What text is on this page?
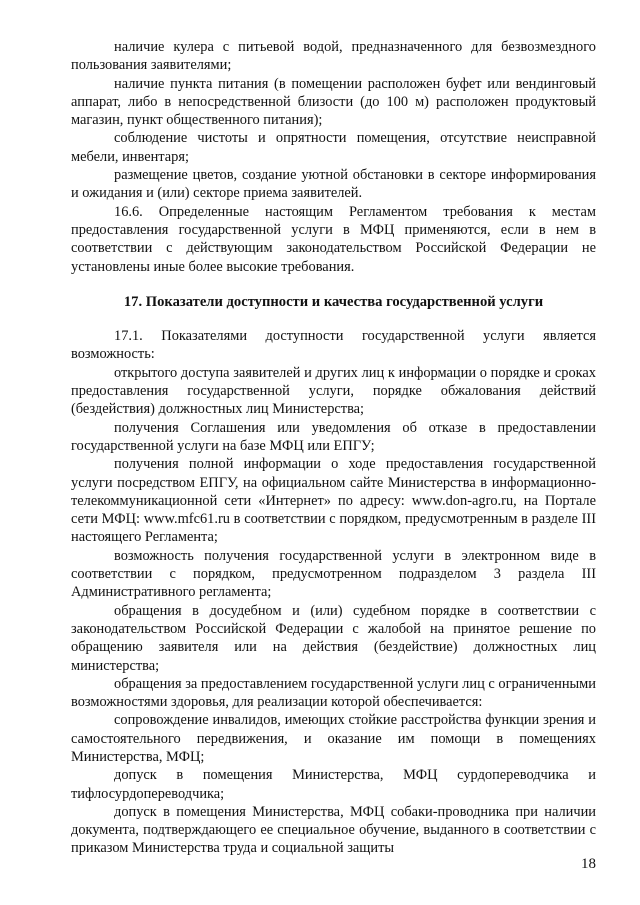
наличие кулера с питьевой водой, предназначенного для безвозмездного пользования заявителями;

наличие пункта питания (в помещении расположен буфет или вендинговый аппарат, либо в непосредственной близости (до 100 м) расположен продуктовый магазин, пункт общественного питания);

соблюдение чистоты и опрятности помещения, отсутствие неисправной мебели, инвентаря;

размещение цветов, создание уютной обстановки в секторе информирования и ожидания и (или) секторе приема заявителей.

16.6. Определенные настоящим Регламентом требования к местам предоставления государственной услуги в МФЦ применяются, если в нем в соответствии с действующим законодательством Российской Федерации не установлены иные более высокие требования.

17. Показатели доступности и качества государственной услуги

17.1. Показателями доступности государственной услуги является возможность:

открытого доступа заявителей и других лиц к информации о порядке и сроках предоставления государственной услуги, порядке обжалования действий (бездействия) должностных лиц Министерства;

получения Соглашения или уведомления об отказе в предоставлении государственной услуги на базе МФЦ или ЕПГУ;

получения полной информации о ходе предоставления государственной услуги посредством ЕПГУ, на официальном сайте Министерства в информационно-телекоммуникационной сети «Интернет» по адресу: www.don-agro.ru, на Портале сети МФЦ: www.mfc61.ru в соответствии с порядком, предусмотренным в разделе III настоящего Регламента;

возможность получения государственной услуги в электронном виде в соответствии с порядком, предусмотренном подразделом 3 раздела III Административного регламента;

обращения в досудебном и (или) судебном порядке в соответствии с законодательством Российской Федерации с жалобой на принятое решение по обращению заявителя или на действия (бездействие) должностных лиц министерства;

обращения за предоставлением государственной услуги лиц с ограниченными возможностями здоровья, для реализации которой обеспечивается:

сопровождение инвалидов, имеющих стойкие расстройства функции зрения и самостоятельного передвижения, и оказание им помощи в помещениях Министерства, МФЦ;

допуск в помещения Министерства, МФЦ сурдопереводчика и тифлосурдопереводчика;

допуск в помещения Министерства, МФЦ собаки-проводника при наличии документа, подтверждающего ее специальное обучение, выданного в соответствии с приказом Министерства труда и социальной защиты

18
